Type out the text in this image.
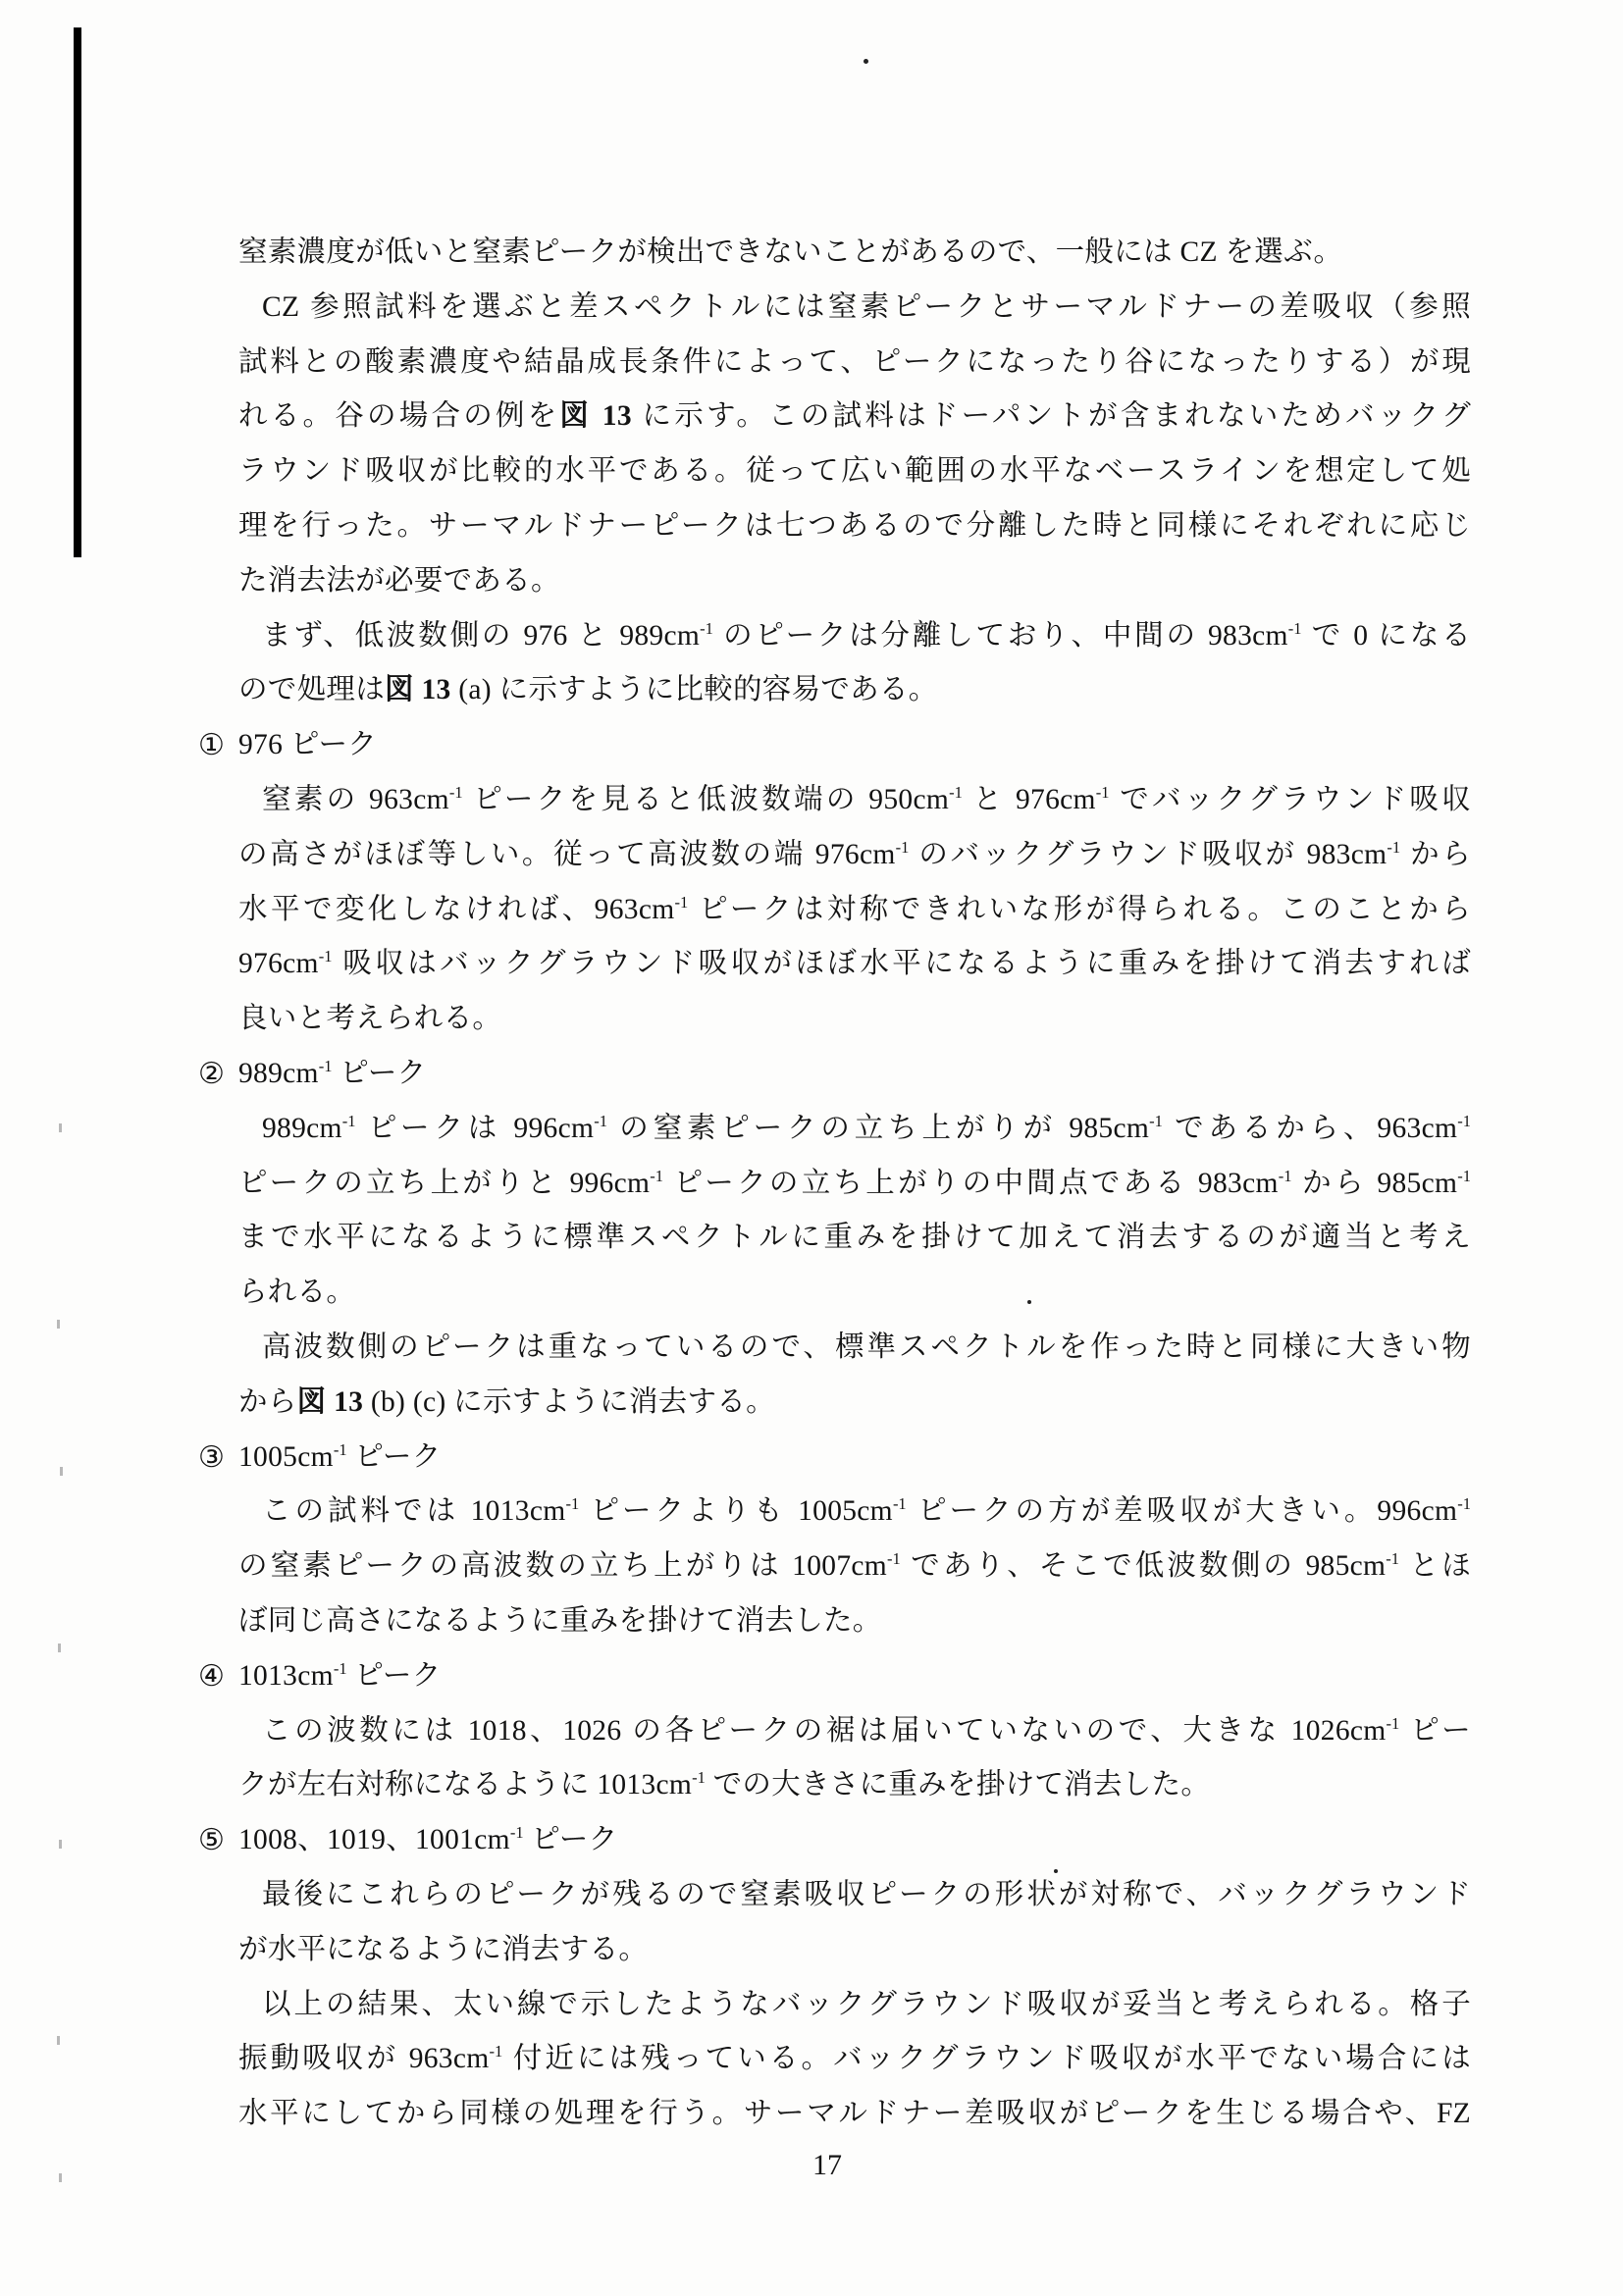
窒素濃度が低いと窒素ピークが検出できないことがあるので、一般には CZ を選ぶ。
CZ 参照試料を選ぶと差スペクトルには窒素ピークとサーマルドナーの差吸収（参照
試料との酸素濃度や結晶成長条件によって、ピークになったり谷になったりする）が現
れる。谷の場合の例を図 13 に示す。この試料はドーパントが含まれないためバックグ
ラウンド吸収が比較的水平である。従って広い範囲の水平なベースラインを想定して処
理を行った。サーマルドナーピークは七つあるので分離した時と同様にそれぞれに応じ
た消去法が必要である。
まず、低波数側の 976 と $989cm^{-1}$ のピークは分離しており、中間の $983cm^{-1}$ で 0 になる
ので処理は図 13 (a) に示すように比較的容易である。
① 976 ピーク
窒素の $963cm^{-1}$ ピークを見ると低波数端の $950cm^{-1}$ と $976cm^{-1}$ でバックグラウンド吸収
の高さがほぼ等しい。従って高波数の端 $976cm^{-1}$ のバックグラウンド吸収が $983cm^{-1}$ から
水平で変化しなければ、$963cm^{-1}$ ピークは対称できれいな形が得られる。このことから
$976cm^{-1}$ 吸収はバックグラウンド吸収がほぼ水平になるように重みを掛けて消去すれば
良いと考えられる。
② $989cm^{-1}$ ピーク
$989cm^{-1}$ ピークは $996cm^{-1}$ の窒素ピークの立ち上がりが $985cm^{-1}$ であるから、$963cm^{-1}$
ピークの立ち上がりと $996cm^{-1}$ ピークの立ち上がりの中間点である $983cm^{-1}$ から $985cm^{-1}$
まで水平になるように標準スペクトルに重みを掛けて加えて消去するのが適当と考え
られる。
高波数側のピークは重なっているので、標準スペクトルを作った時と同様に大きい物
から図 13 (b) (c) に示すように消去する。
③ $1005cm^{-1}$ ピーク
この試料では $1013cm^{-1}$ ピークよりも $1005cm^{-1}$ ピークの方が差吸収が大きい。$996cm^{-1}$
の窒素ピークの高波数の立ち上がりは $1007cm^{-1}$ であり、そこで低波数側の $985cm^{-1}$ とほ
ぼ同じ高さになるように重みを掛けて消去した。
④ $1013cm^{-1}$ ピーク
この波数には 1018、1026 の各ピークの裾は届いていないので、大きな $1026cm^{-1}$ ピー
クが左右対称になるように $1013cm^{-1}$ での大きさに重みを掛けて消去した。
⑤ 1008、1019、$1001cm^{-1}$ ピーク
最後にこれらのピークが残るので窒素吸収ピークの形状が対称で、バックグラウンド
が水平になるように消去する。
以上の結果、太い線で示したようなバックグラウンド吸収が妥当と考えられる。格子
振動吸収が $963cm^{-1}$ 付近には残っている。バックグラウンド吸収が水平でない場合には
水平にしてから同様の処理を行う。サーマルドナー差吸収がピークを生じる場合や、FZ
17
